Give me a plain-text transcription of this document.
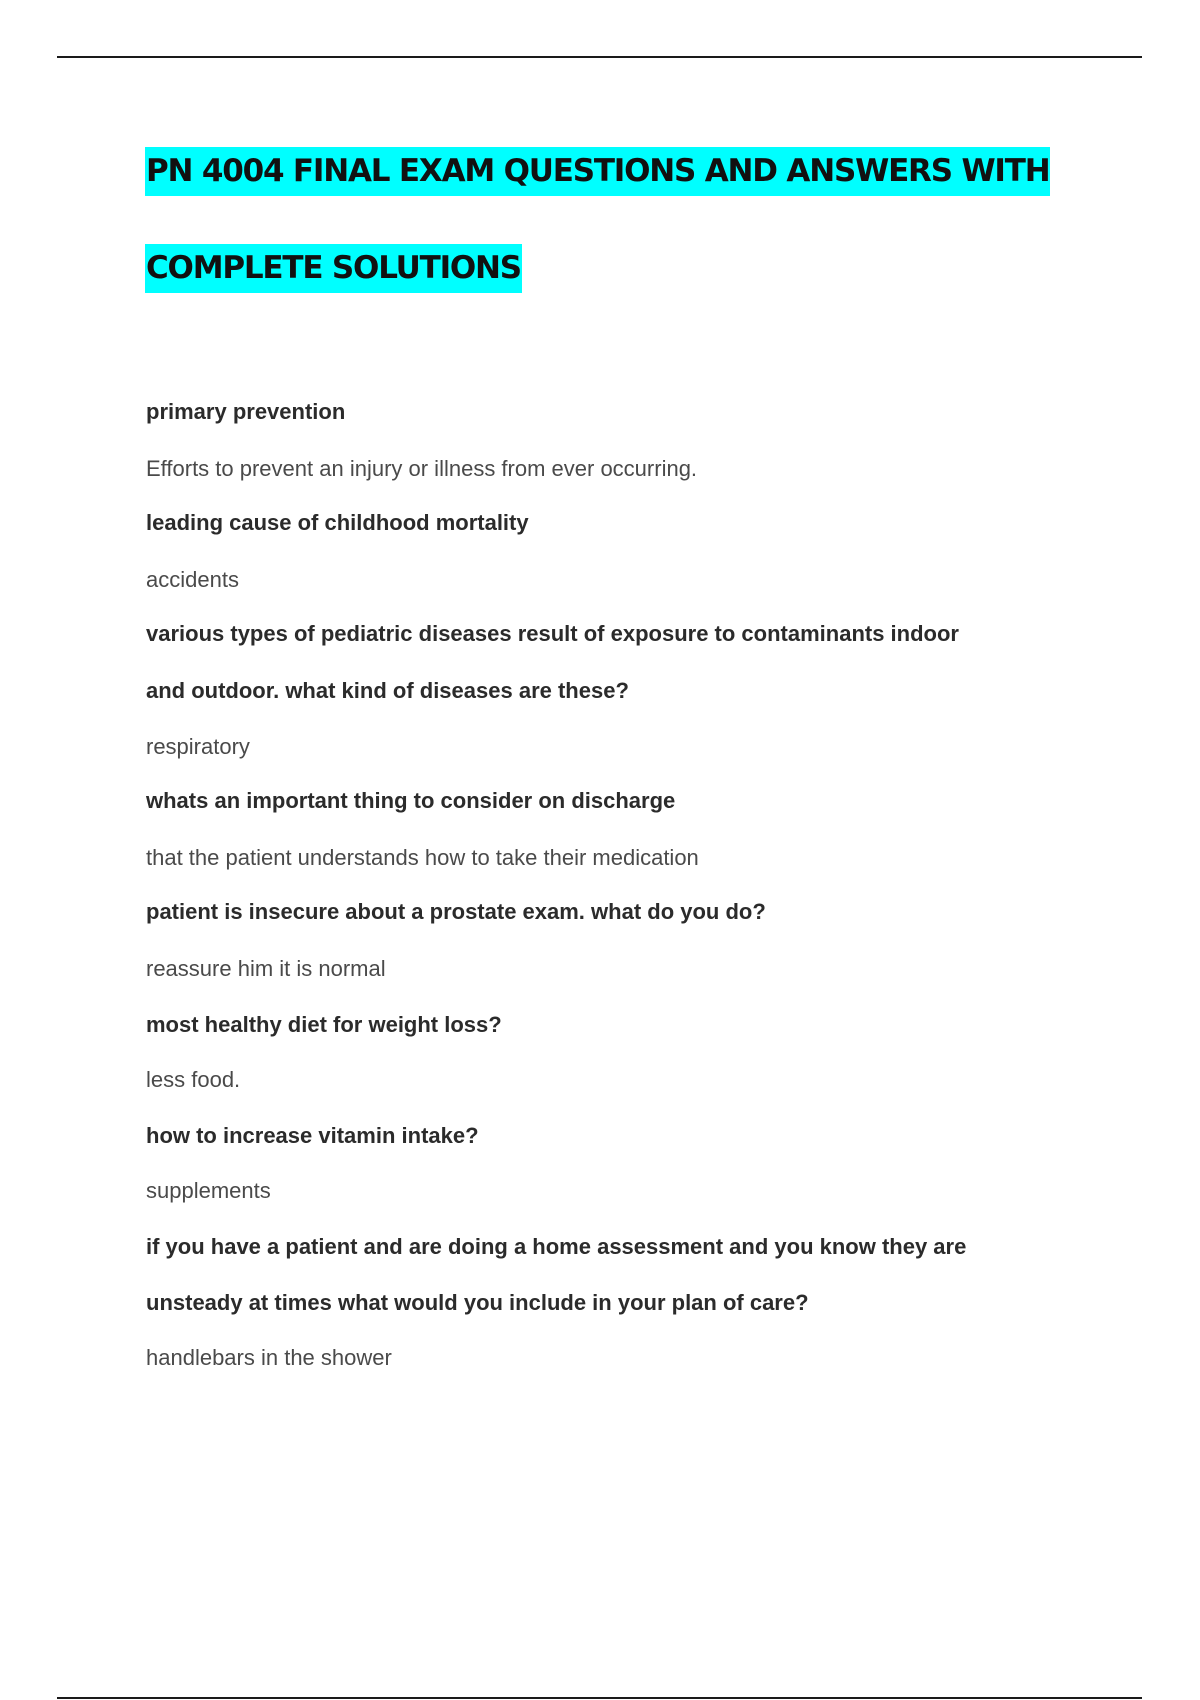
PN 4004 FINAL EXAM QUESTIONS AND ANSWERS WITH
COMPLETE SOLUTIONS
primary prevention
Efforts to prevent an injury or illness from ever occurring.
leading cause of childhood mortality
accidents
various types of pediatric diseases result of exposure to contaminants indoor
and outdoor. what kind of diseases are these?
respiratory
whats an important thing to consider on discharge
that the patient understands how to take their medication
patient is insecure about a prostate exam. what do you do?
reassure him it is normal
most healthy diet for weight loss?
less food.
how to increase vitamin intake?
supplements
if you have a patient and are doing a home assessment and you know they are
unsteady at times what would you include in your plan of care?
handlebars in the shower
